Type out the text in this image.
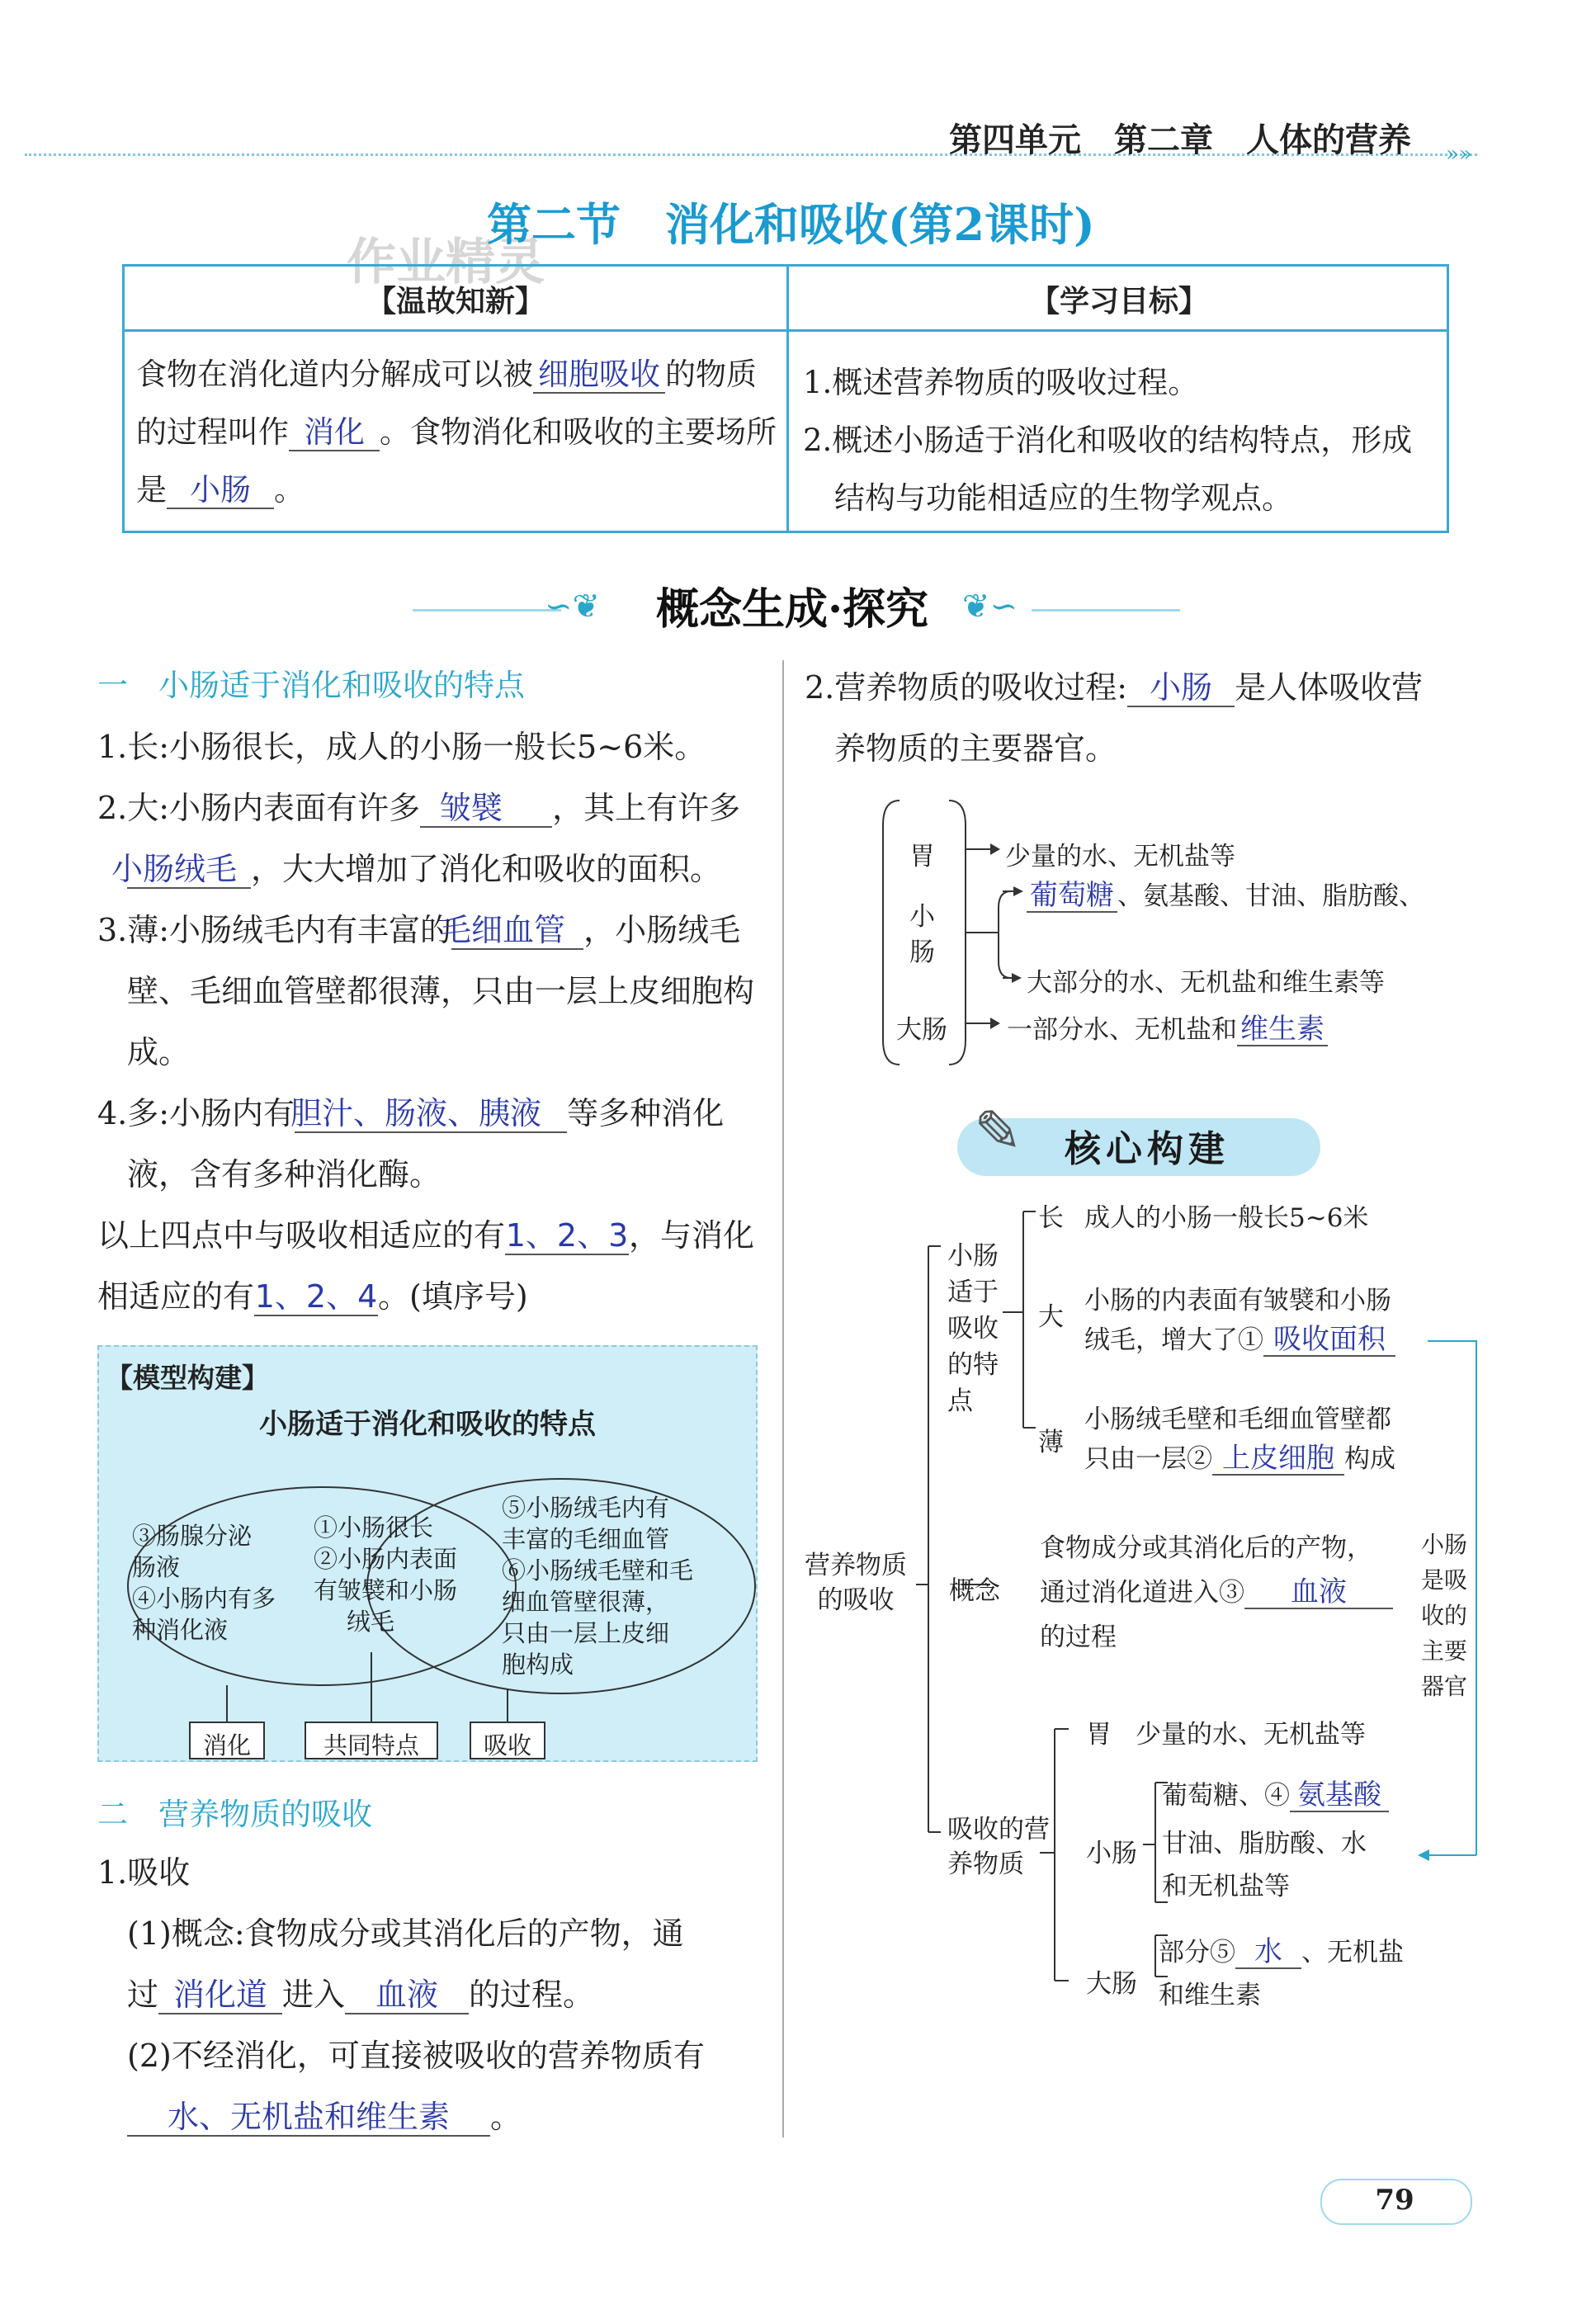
第四单元　第二章　人体的营养 »»
作业精灵
第二节　消化和吸收(第2课时)
【温故知新】	【学习目标】
食物在消化道内分解成可以被 细胞吸收 的物质的过程叫作 消化 。食物消化和吸收的主要场所是 小肠 。
1.概述营养物质的吸收过程。
2.概述小肠适于消化和吸收的结构特点，形成结构与功能相适应的生物学观点。
∽❦	❦∽
概念生成·探究
一　小肠适于消化和吸收的特点
1.长:小肠很长，成人的小肠一般长5~6米。
2.大:小肠内表面有许多 皱襞 ，其上有许多小肠绒毛 ，大大增加了消化和吸收的面积。
3.薄:小肠绒毛内有丰富的毛细血管 ，小肠绒毛壁、毛细血管壁都很薄，只由一层上皮细胞构成。
4.多:小肠内有胆汁、肠液、胰液 等多种消化液，含有多种消化酶。
以上四点中与吸收相适应的有1、2、3，与消化相适应的有1、2、4。(填序号)
【模型构建】
小肠适于消化和吸收的特点
③肠腺分泌
肠液
④小肠内有多
种消化液
①小肠很长
②小肠内表面
有皱襞和小肠
绒毛
⑤小肠绒毛内有
丰富的毛细血管
⑥小肠绒毛壁和毛
细血管壁很薄，
只由一层上皮细
胞构成
消化	共同特点	吸收
二　营养物质的吸收
1.吸收
(1)概念:食物成分或其消化后的产物，通
过 消化道 进入 血液 的过程。
(2)不经消化，可直接被吸收的营养物质有
水、无机盐和维生素 。
2.营养物质的吸收过程: 小肠 是人体吸收营
养物质的主要器官。
胃	少量的水、无机盐等
小
肠
葡萄糖 、氨基酸、甘油、脂肪酸、
大部分的水、无机盐和维生素等
大肠 一部分水、无机盐和 维生素
✎ 核心构建
营养物质
的吸收
小肠
适于
吸收
的特
点
长 成人的小肠一般长5~6米
大
小肠的内表面有皱襞和小肠
绒毛，增大了① 吸收面积
薄
小肠绒毛壁和毛细血管壁都
只由一层② 上皮细胞 构成
概念
食物成分或其消化后的产物，
通过消化道进入③ 血液
的过程
小肠
是吸
收的
主要
器官
吸收的营
养物质
胃 少量的水、无机盐等
小肠
葡萄糖、④ 氨基酸
甘油、脂肪酸、水
和无机盐等
大肠
部分⑤ 水 、无机盐
和维生素
79
